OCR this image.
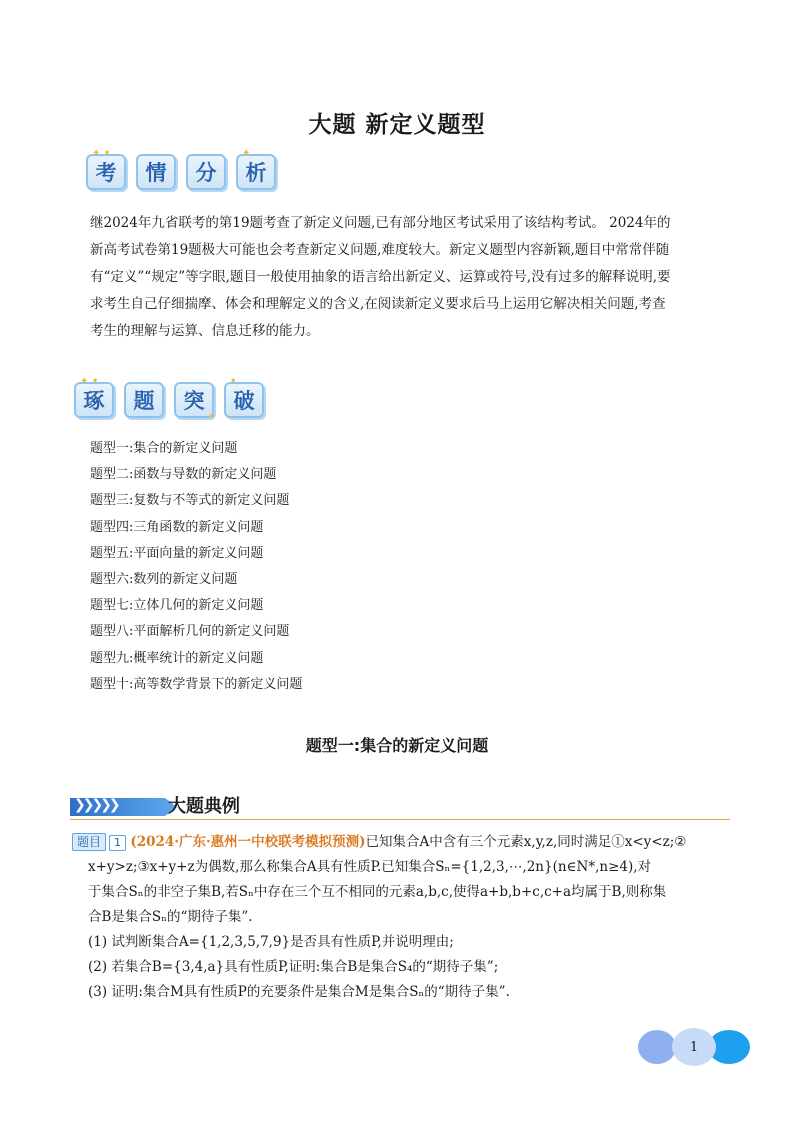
大题 新定义题型
✦ •
考 情 分
✦
析
继2024年九省联考的第19题考查了新定义问题,已有部分地区考试采用了该结构考试。 2024年的
新高考试卷第19题极大可能也会考查新定义问题,难度较大。新定义题型内容新颖,题目中常常伴随
有“定义”“规定”等字眼,题目一般使用抽象的语言给出新定义、运算或符号,没有过多的解释说明,要
求考生自己仔细揣摩、体会和理解定义的含义,在阅读新定义要求后马上运用它解决相关问题,考查
考生的理解与运算、信息迁移的能力。
✦ •
琢 题 突
✦
•
破
题型一:集合的新定义问题
题型二:函数与导数的新定义问题
题型三:复数与不等式的新定义问题
题型四:三角函数的新定义问题
题型五:平面向量的新定义问题
题型六:数列的新定义问题
题型七:立体几何的新定义问题
题型八:平面解析几何的新定义问题
题型九:概率统计的新定义问题
题型十:高等数学背景下的新定义问题
题型一:集合的新定义问题
❯❯❯❯❯	大题典例
题目 1 (2024·广东·惠州一中校联考模拟预测)已知集合A中含有三个元素x,y,z,同时满足①x<y<z;②
x+y>z;③x+y+z为偶数,那么称集合A具有性质P.已知集合Sₙ={1,2,3,⋯,2n}(n∈N*,n≥4),对
于集合Sₙ的非空子集B,若Sₙ中存在三个互不相同的元素a,b,c,使得a+b,b+c,c+a均属于B,则称集
合B是集合Sₙ的“期待子集”.
(1) 试判断集合A={1,2,3,5,7,9}是否具有性质P,并说明理由;
(2) 若集合B={3,4,a}具有性质P,证明:集合B是集合S₄的“期待子集”;
(3) 证明:集合M具有性质P的充要条件是集合M是集合Sₙ的“期待子集”.
1
